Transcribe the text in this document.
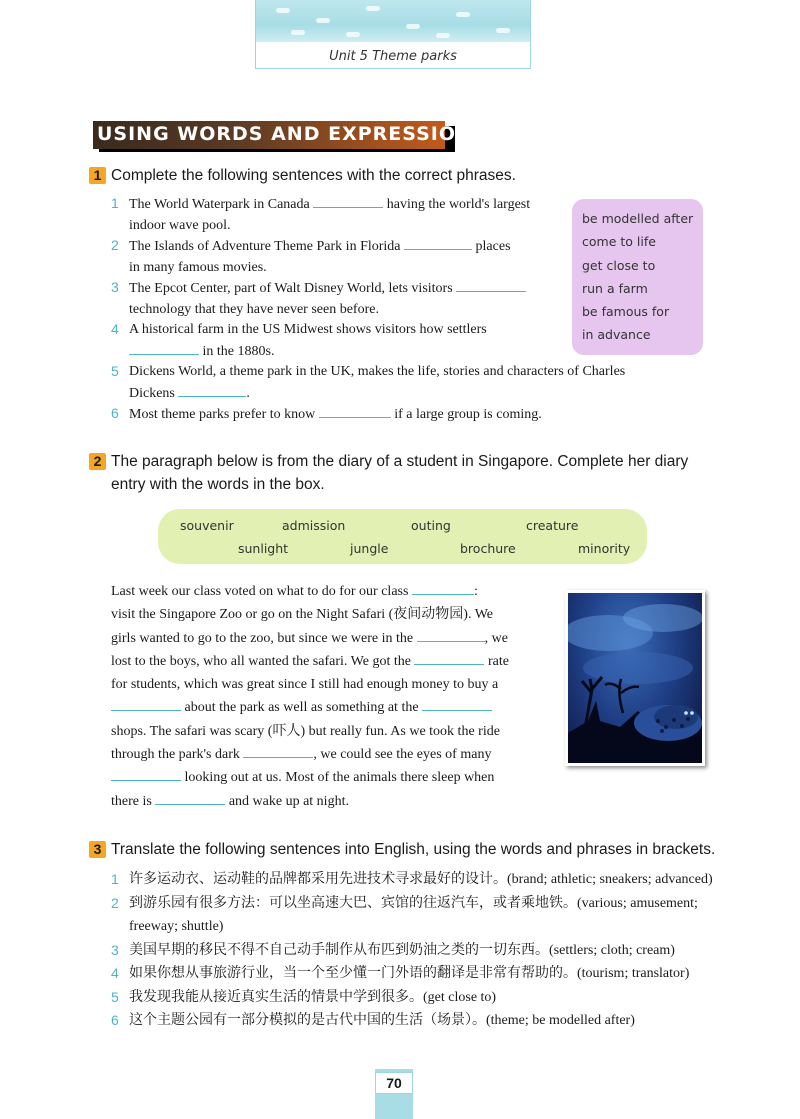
Unit 5 Theme parks
USING WORDS AND EXPRESSIONS
1 Complete the following sentences with the correct phrases.
1 The World Waterpark in Canada	having the world's largest
indoor wave pool.
2 The Islands of Adventure Theme Park in Florida	places
in many famous movies.
3 The Epcot Center, part of Walt Disney World, lets visitors
technology that they have never seen before.
4 A historical farm in the US Midwest shows visitors how settlers
in the 1880s.
5 Dickens World, a theme park in the UK, makes the life, stories and characters of Charles
Dickens	.
6 Most theme parks prefer to know	if a large group is coming.
be modelled after
come to life
get close to
run a farm
be famous for
in advance
2 The paragraph below is from the diary of a student in Singapore. Complete her diary
entry with the words in the box.
souvenir	admission	outing	creature
sunlight	jungle	brochure	minority
Last week our class voted on what to do for our class	:
visit the Singapore Zoo or go on the Night Safari (夜间动物园). We
girls wanted to go to the zoo, but since we were in the	, we
lost to the boys, who all wanted the safari. We got the	rate
for students, which was great since I still had enough money to buy a
about the park as well as something at the
shops. The safari was scary (吓人) but really fun. As we took the ride
through the park's dark	, we could see the eyes of many
looking out at us. Most of the animals there sleep when
there is	and wake up at night.
3 Translate the following sentences into English, using the words and phrases in brackets.
1 许多运动衣、运动鞋的品牌都采用先进技术寻求最好的设计。(brand; athletic; sneakers; advanced)
2 到游乐园有很多方法：可以坐高速大巴、宾馆的往返汽车，或者乘地铁。(various; amusement;
freeway; shuttle)
3 美国早期的移民不得不自己动手制作从布匹到奶油之类的一切东西。(settlers; cloth; cream)
4 如果你想从事旅游行业，当一个至少懂一门外语的翻译是非常有帮助的。(tourism; translator)
5 我发现我能从接近真实生活的情景中学到很多。(get close to)
6 这个主题公园有一部分模拟的是古代中国的生活（场景）。(theme; be modelled after)
70
